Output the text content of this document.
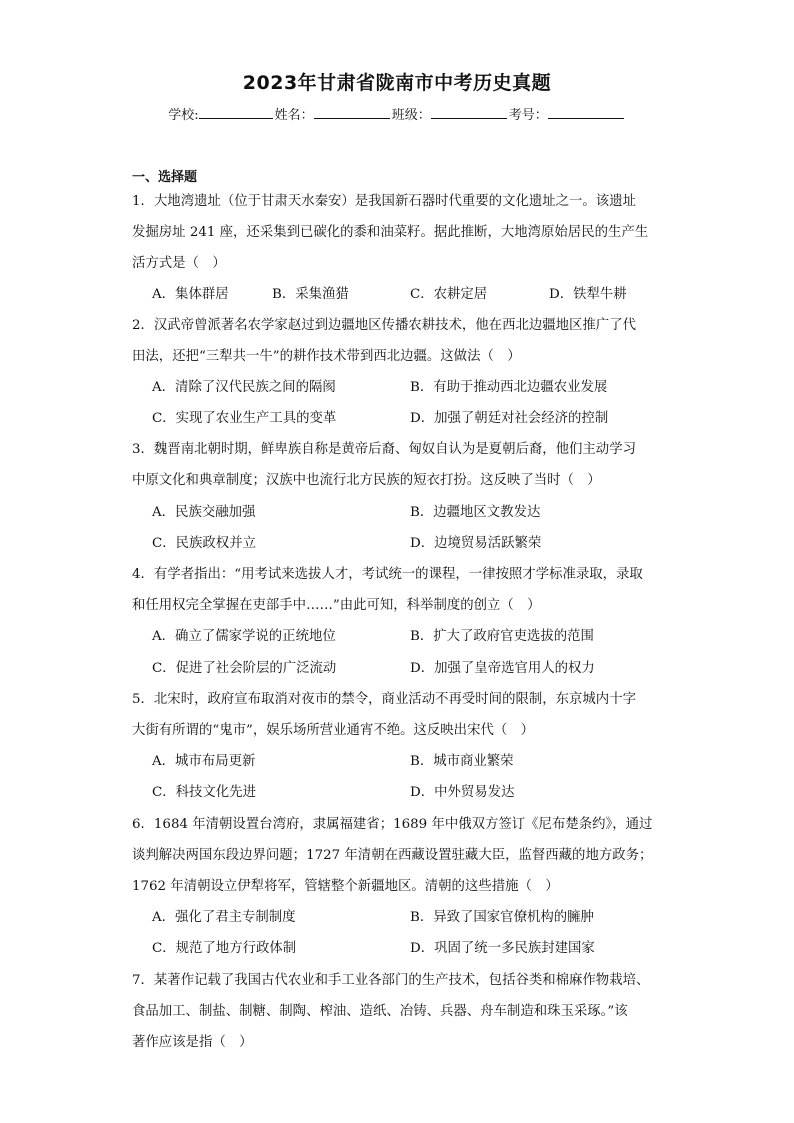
2023年甘肃省陇南市中考历史真题
学校:	姓名：	班级：	考号：
一、选择题
1．大地湾遗址（位于甘肃天水秦安）是我国新石器时代重要的文化遗址之一。该遗址
发掘房址 241 座，还采集到已碳化的黍和油菜籽。据此推断，大地湾原始居民的生产生
活方式是（　）
A．集体群居	B．采集渔猎	C．农耕定居	D．铁犁牛耕
2．汉武帝曾派著名农学家赵过到边疆地区传播农耕技术，他在西北边疆地区推广了代
田法，还把“三犁共一牛”的耕作技术带到西北边疆。这做法（　）
A．清除了汉代民族之间的隔阂	B．有助于推动西北边疆农业发展
C．实现了农业生产工具的变革	D．加强了朝廷对社会经济的控制
3．魏晋南北朝时期，鲜卑族自称是黄帝后裔、匈奴自认为是夏朝后裔，他们主动学习
中原文化和典章制度；汉族中也流行北方民族的短衣打扮。这反映了当时（　）
A．民族交融加强	B．边疆地区文教发达
C．民族政权并立	D．边境贸易活跃繁荣
4．有学者指出：“用考试来选拔人才，考试统一的课程，一律按照才学标准录取，录取
和任用权完全掌握在吏部手中……”由此可知，科举制度的创立（　）
A．确立了儒家学说的正统地位	B．扩大了政府官吏选拔的范围
C．促进了社会阶层的广泛流动	D．加强了皇帝选官用人的权力
5．北宋时，政府宣布取消对夜市的禁令，商业活动不再受时间的限制，东京城内十字
大街有所谓的“鬼市”，娱乐场所营业通宵不绝。这反映出宋代（　）
A．城市布局更新	B．城市商业繁荣
C．科技文化先进	D．中外贸易发达
6．1684 年清朝设置台湾府，隶属福建省；1689 年中俄双方签订《尼布楚条约》，通过
谈判解决两国东段边界问题；1727 年清朝在西藏设置驻藏大臣，监督西藏的地方政务；
1762 年清朝设立伊犁将军，管辖整个新疆地区。清朝的这些措施（　）
A．强化了君主专制制度	B．异致了国家官僚机构的臃肿
C．规范了地方行政体制	D．巩固了统一多民族封建国家
7．某著作记载了我国古代农业和手工业各部门的生产技术，包括谷类和棉麻作物栽培、
食品加工、制盐、制糖、制陶、榨油、造纸、冶铸、兵器、舟车制造和珠玉采琢。”该
著作应该是指（　）
